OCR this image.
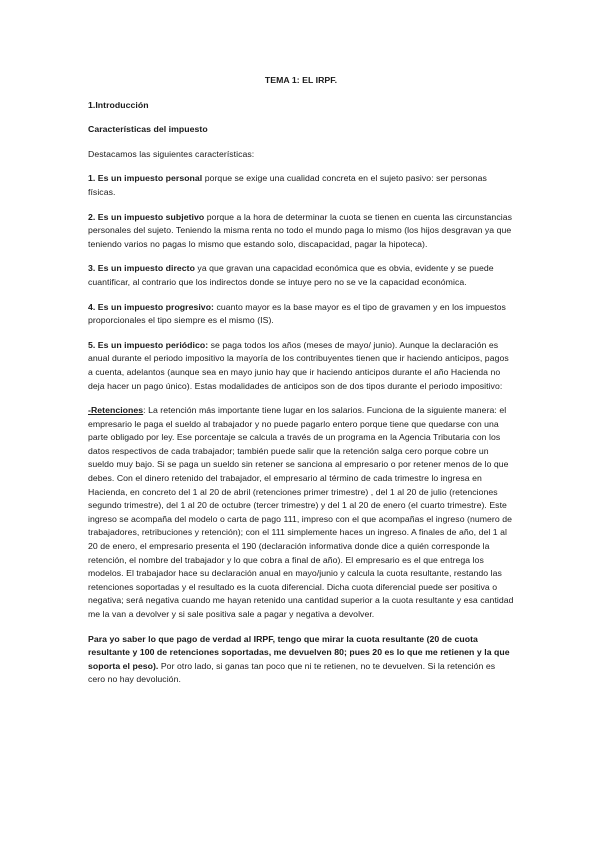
TEMA 1: EL IRPF.
1.Introducción
Características del impuesto

Destacamos las siguientes características:

1. Es un impuesto personal porque se exige una cualidad concreta en el sujeto pasivo: ser personas físicas.

2. Es un impuesto subjetivo porque a la hora de determinar la cuota se tienen en cuenta las circunstancias personales del sujeto. Teniendo la misma renta no todo el mundo paga lo mismo (los hijos desgravan ya que teniendo varios no pagas lo mismo que estando solo, discapacidad, pagar la hipoteca).

3. Es un impuesto directo ya que gravan una capacidad económica que es obvia, evidente y se puede cuantificar, al contrario que los indirectos donde se intuye pero no se ve la capacidad económica.

4. Es un impuesto progresivo: cuanto mayor es la base mayor es el tipo de gravamen y en los impuestos proporcionales el tipo siempre es el mismo (IS).

5. Es un impuesto periódico: se paga todos los años (meses de mayo/ junio). Aunque la declaración es anual durante el periodo impositivo la mayoría de los contribuyentes tienen que ir haciendo anticipos, pagos a cuenta, adelantos (aunque sea en mayo junio hay que ir haciendo anticipos durante el año Hacienda no deja hacer un pago único). Estas modalidades de anticipos son de dos tipos durante el periodo impositivo:

-Retenciones: La retención más importante tiene lugar en los salarios. Funciona de la siguiente manera: el empresario le paga el sueldo al trabajador y no puede pagarlo entero porque tiene que quedarse con una parte obligado por ley. Ese porcentaje se calcula a través de un programa en la Agencia Tributaria con los datos respectivos de cada trabajador; también puede salir que la retención salga cero porque cobre un sueldo muy bajo. Si se paga un sueldo sin retener se sanciona al empresario o por retener menos de lo que debes. Con el dinero retenido del trabajador, el empresario al término de cada trimestre lo ingresa en Hacienda, en concreto del 1 al 20 de abril (retenciones primer trimestre) , del 1 al 20 de julio (retenciones segundo trimestre), del 1 al 20 de octubre (tercer trimestre) y del 1 al 20 de enero (el cuarto trimestre). Este ingreso se acompaña del modelo o carta de pago 111, impreso con el que acompañas el ingreso (numero de trabajadores, retribuciones y retención); con el 111 simplemente haces un ingreso. A finales de año, del 1 al 20 de enero, el empresario presenta el 190 (declaración informativa donde dice a quién corresponde la retención, el nombre del trabajador y lo que cobra a final de año). El empresario es el que entrega los modelos. El trabajador hace su declaración anual en mayo/junio y calcula la cuota resultante, restando las retenciones soportadas y el resultado es la cuota diferencial. Dicha cuota diferencial puede ser positiva o negativa; será negativa cuando me hayan retenido una cantidad superior a la cuota resultante y esa cantidad me la van a devolver y si sale positiva sale a pagar y negativa a devolver.

Para yo saber lo que pago de verdad al IRPF, tengo que mirar la cuota resultante (20 de cuota resultante y 100 de retenciones soportadas, me devuelven 80; pues 20 es lo que me retienen y la que soporta el peso). Por otro lado, si ganas tan poco que ni te retienen, no te devuelven. Si la retención es cero no hay devolución.
